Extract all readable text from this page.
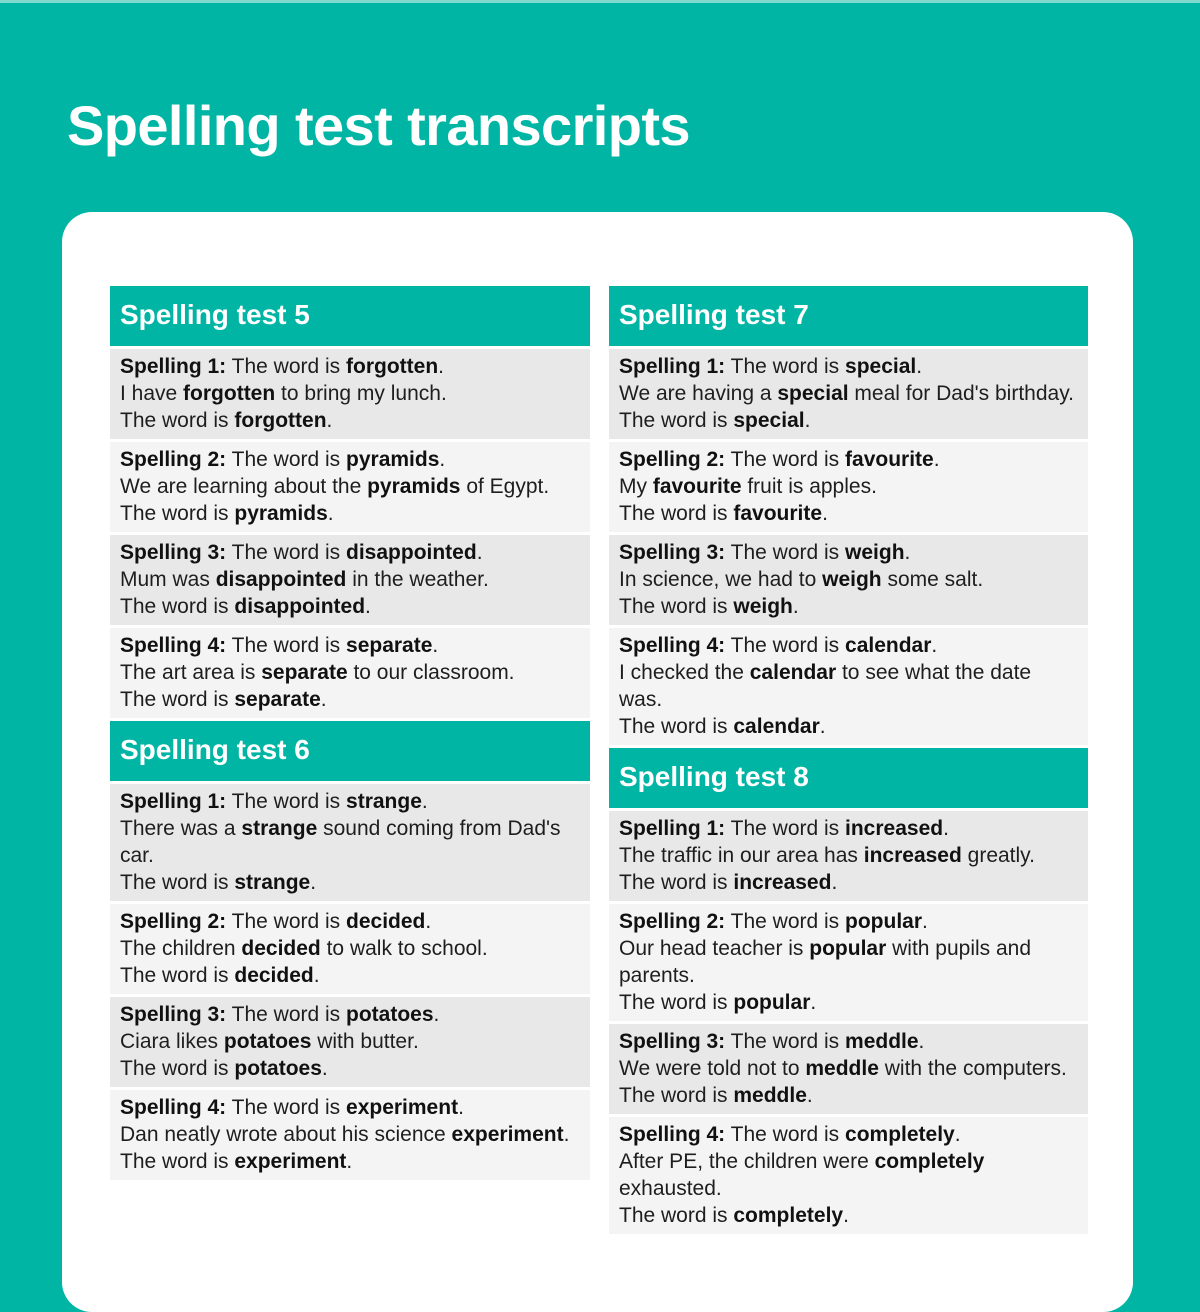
Spelling test transcripts
Spelling test 5
Spelling 1: The word is forgotten.
I have forgotten to bring my lunch.
The word is forgotten.
Spelling 2: The word is pyramids.
We are learning about the pyramids of Egypt.
The word is pyramids.
Spelling 3: The word is disappointed.
Mum was disappointed in the weather.
The word is disappointed.
Spelling 4: The word is separate.
The art area is separate to our classroom.
The word is separate.
Spelling test 6
Spelling 1: The word is strange.
There was a strange sound coming from Dad's car.
The word is strange.
Spelling 2: The word is decided.
The children decided to walk to school.
The word is decided.
Spelling 3: The word is potatoes.
Ciara likes potatoes with butter.
The word is potatoes.
Spelling 4: The word is experiment.
Dan neatly wrote about his science experiment.
The word is experiment.
Spelling test 7
Spelling 1: The word is special.
We are having a special meal for Dad's birthday.
The word is special.
Spelling 2: The word is favourite.
My favourite fruit is apples.
The word is favourite.
Spelling 3: The word is weigh.
In science, we had to weigh some salt.
The word is weigh.
Spelling 4: The word is calendar.
I checked the calendar to see what the date was.
The word is calendar.
Spelling test 8
Spelling 1: The word is increased.
The traffic in our area has increased greatly.
The word is increased.
Spelling 2: The word is popular.
Our head teacher is popular with pupils and parents.
The word is popular.
Spelling 3: The word is meddle.
We were told not to meddle with the computers.
The word is meddle.
Spelling 4: The word is completely.
After PE, the children were completely exhausted.
The word is completely.
